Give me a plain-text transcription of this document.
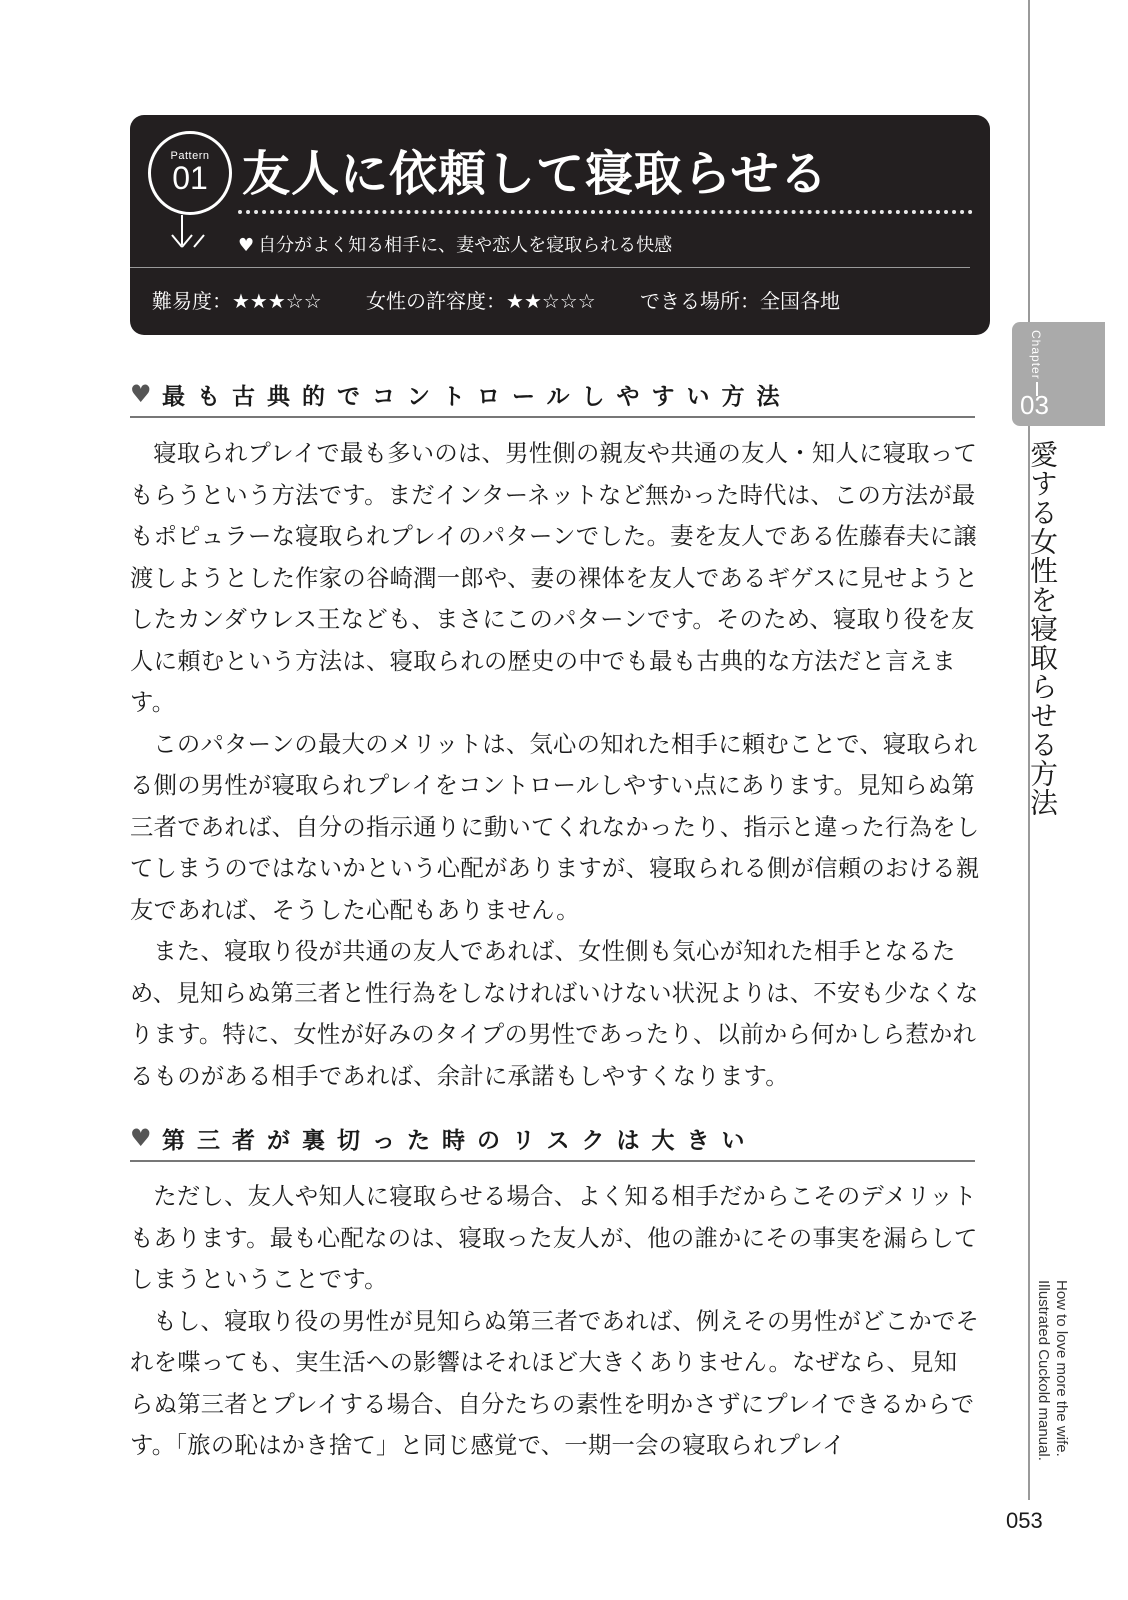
Pattern
01 友人に依頼して寝取らせる
♥ 自分がよく知る相手に、妻や恋人を寝取られる快感
難易度：★★★☆☆ 女性の許容度：★★☆☆☆ できる場所：全国各地
♥ 最も古典的でコントロールしやすい方法

寝取られプレイで最も多いのは、男性側の親友や共通の友人・知人に寝取ってもらうという方法です。まだインターネットなど無かった時代は、この方法が最もポピュラーな寝取られプレイのパターンでした。妻を友人である佐藤春夫に譲渡しようとした作家の谷崎潤一郎や、妻の裸体を友人であるギゲスに見せようとしたカンダウレス王なども、まさにこのパターンです。そのため、寝取り役を友人に頼むという方法は、寝取られの歴史の中でも最も古典的な方法だと言えます。

このパターンの最大のメリットは、気心の知れた相手に頼むことで、寝取られる側の男性が寝取られプレイをコントロールしやすい点にあります。見知らぬ第三者であれば、自分の指示通りに動いてくれなかったり、指示と違った行為をしてしまうのではないかという心配がありますが、寝取られる側が信頼のおける親友であれば、そうした心配もありません。

また、寝取り役が共通の友人であれば、女性側も気心が知れた相手となるため、見知らぬ第三者と性行為をしなければいけない状況よりは、不安も少なくなります。特に、女性が好みのタイプの男性であったり、以前から何かしら惹かれるものがある相手であれば、余計に承諾もしやすくなります。

♥ 第三者が裏切った時のリスクは大きい

ただし、友人や知人に寝取らせる場合、よく知る相手だからこそのデメリットもあります。最も心配なのは、寝取った友人が、他の誰かにその事実を漏らしてしまうということです。

もし、寝取り役の男性が見知らぬ第三者であれば、例えその男性がどこかでそれを喋っても、実生活への影響はそれほど大きくありません。なぜなら、見知らぬ第三者とプレイする場合、自分たちの素性を明かさずにプレイできるからです。「旅の恥はかき捨て」と同じ感覚で、一期一会の寝取られプレイ

Chapter
03
愛する女性を寝取らせる方法
How to love more the wife.
Illustrated Cuckold manual.
053
